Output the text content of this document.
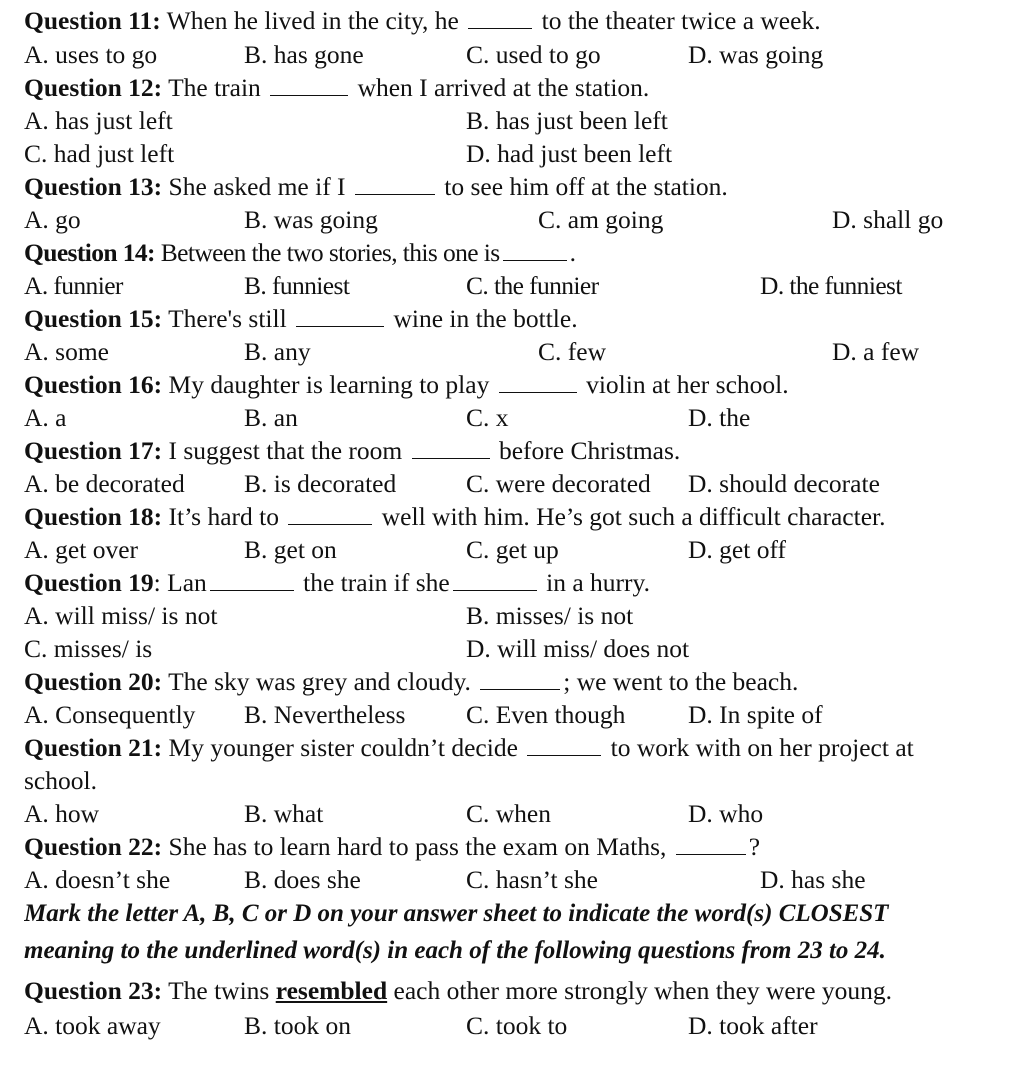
Question 11: When he lived in the city, he	to the theater twice a week.
A. uses to go	B. has gone	C. used to go	D. was going
Question 12: The train	when I arrived at the station.
A. has just left	B. has just been left
C. had just left	D. had just been left
Question 13: She asked me if I	to see him off at the station.
A. go	B. was going	C. am going	D. shall go
Question 14: Between the two stories, this one is	.
A. funnier	B. funniest	C. the funnier	D. the funniest
Question 15: There's still	wine in the bottle.
A. some	B. any	C. few	D. a few
Question 16: My daughter is learning to play	violin at her school.
A. a	B. an	C. x	D. the
Question 17: I suggest that the room	before Christmas.
A. be decorated B. is decorated	C. were decorated D. should decorate
Question 18: It’s hard to	well with him. He’s got such a difficult character.
A. get over	B. get on	C. get up	D. get off
Question 19: Lan	the train if she	in a hurry.
A. will miss/ is not	B. misses/ is not
C. misses/ is	D. will miss/ does not
Question 20: The sky was grey and cloudy.	; we went to the beach.
A. Consequently B. Nevertheless C. Even though D. In spite of
Question 21: My younger sister couldn’t decide	to work with on her project at
school.
A. how	B. what	C. when	D. who
Question 22: She has to learn hard to pass the exam on Maths,	?
A. doesn’t she	B. does she	C. hasn’t she	D. has she
Mark the letter A, B, C or D on your answer sheet to indicate the word(s) CLOSEST
meaning to the underlined word(s) in each of the following questions from 23 to 24.
Question 23: The twins resembled each other more strongly when they were young.
A. took away	B. took on	C. took to	D. took after
